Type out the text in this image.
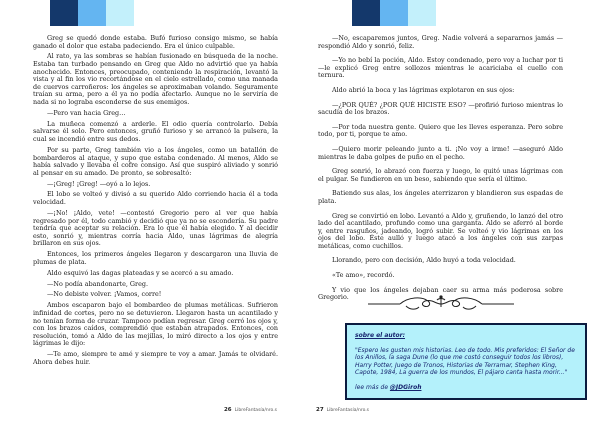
Greg se quedó donde estaba. Bufó furioso consigo mismo, se había ganado el dolor que estaba padeciendo. Era el único culpable.

Al rato, ya las sombras se habían fusionado en búsqueda de la noche. Estaba tan turbado pensando en Greg que Aldo no advirtió que ya había anochecido. Entonces, preocupado, conteniendo la respiración, levantó la vista y al fin los vio recortándose en el cielo estrellado, como una manada de cuervos carroñeros: los ángeles se aproximaban volando. Seguramente traían su arma, pero a él ya no podía afectarlo. Aunque no le serviría de nada si no lograba esconderse de sus enemigos.

—Pero van hacia Greg…

La muñeca comenzó a arderle. El odio quería controlarlo. Debía salvarse él solo. Pero entonces, gruñó furioso y se arrancó la pulsera, la cual se incendió entre sus dedos.

Por su parte, Greg también vio a los ángeles, como un batallón de bombarderos al ataque, y supo que estaba condenado. Al menos, Aldo se había salvado y llevaba el cofre consigo. Así que suspiró aliviado y sonrió al pensar en su amado. De pronto, se sobresaltó:

—¡Greg! ¡Greg! —oyó a lo lejos.

El lobo se volteó y divisó a su querido Aldo corriendo hacia él a toda velocidad.

—¡No! ¡Aldo, vete! —contestó Gregorio pero al ver que había regresado por él, todo cambió y decidió que ya no se escondería. Su padre tendría que aceptar su relación. Era lo que él había elegido. Y al decidir esto, sonrió y, mientras corría hacia Aldo, unas lágrimas de alegría brillaron en sus ojos.

Entonces, los primeros ángeles llegaron y descargaron una lluvia de plumas de plata.

Aldo esquivó las dagas plateadas y se acercó a su amado.

—No podía abandonarte, Greg.

—No debiste volver. ¡Vamos, corre!

Ambos escaparon bajo el bombardeo de plumas metálicas. Sufrieron infinidad de cortes, pero no se detuvieron. Llegaron hasta un acantilado y no tenían forma de cruzar. Tampoco podían regresar. Greg cerró los ojos y, con los brazos caídos, comprendió que estaban atrapados. Entonces, con resolución, tomó a Aldo de las mejillas, lo miró directo a los ojos y entre lágrimas le dijo:

—Te amo, siempre te amé y siempre te voy a amar. Jamás te olvidaré. Ahora debes huir.

26 LibreFantasía/nro.s

—No, escaparemos juntos, Greg. Nadie volverá a separarnos jamás —respondió Aldo y sonrió, feliz.

—Yo no bebí la poción, Aldo. Estoy condenado, pero voy a luchar por ti —le explicó Greg entre sollozos mientras le acariciaba el cuello con ternura.

Aldo abrió la boca y las lágrimas explotaron en sus ojos:

—¿POR QUÉ? ¿POR QUÉ HICISTE ESO? —profirió furioso mientras lo sacudía de los brazos.

—Por toda nuestra gente. Quiero que les lleves esperanza. Pero sobre todo, por ti, porque te amo.

—Quiero morir peleando junto a ti. ¡No voy a irme! —aseguró Aldo mientras le daba golpes de puño en el pecho.

Greg sonrió, lo abrazó con fuerza y luego, le quitó unas lágrimas con el pulgar. Se fundieron en un beso, sabiendo que sería el último.

Batiendo sus alas, los ángeles aterrizaron y blandieron sus espadas de plata.

Greg se convirtió en lobo. Levantó a Aldo y, gruñendo, lo lanzó del otro lado del acantilado, profundo como una garganta. Aldo se aferró al borde y, entre rasguños, jadeando, logró subir. Se volteó y vio lágrimas en los ojos del lobo. Éste aulló y luego atacó a los ángeles con sus zarpas metálicas, como cuchillos.

Llorando, pero con decisión, Aldo huyó a toda velocidad.

«Te amo», recordó.

Y vio que los ángeles dejaban caer su arma más poderosa sobre Gregorio.

sobre el autor:

"Espero les gusten mis historias. Leo de todo. Mis preferidos: El Señor de los Anillos, la saga Dune (lo que me costó conseguir todos los libros), Harry Potter, Juego de Tronos, Historias de Terramar, Stephen King, Capote, 1984, La guerra de los mundos, El pájaro canta hasta morir..."

lee más de @JDGiroh

27 LibreFantasía/nro.s
